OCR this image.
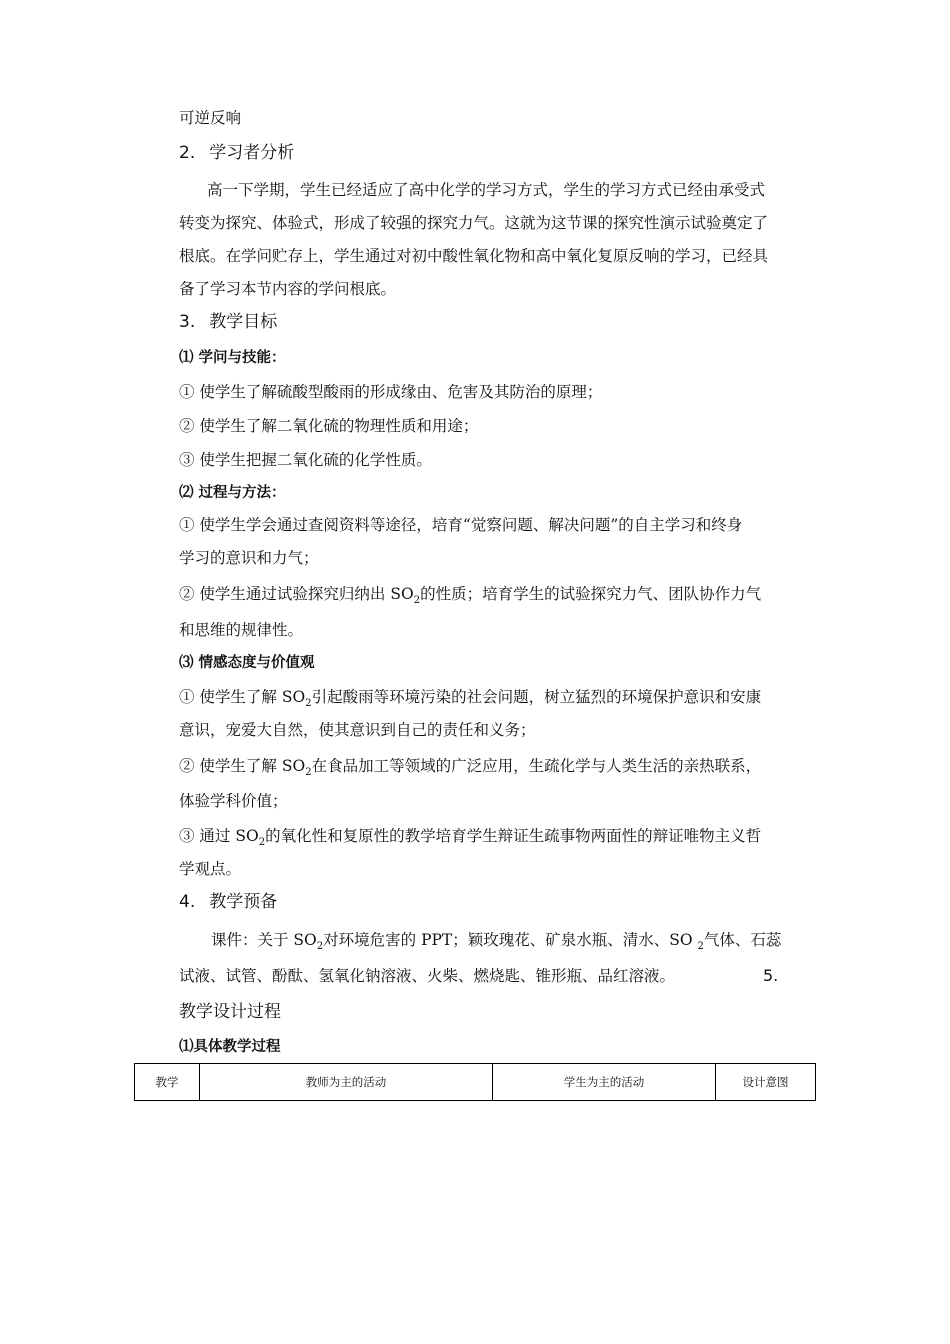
可逆反响
2. 学习者分析
高一下学期，学生已经适应了高中化学的学习方式，学生的学习方式已经由承受式
转变为探究、体验式，形成了较强的探究力气。这就为这节课的探究性演示试验奠定了
根底。在学问贮存上，学生通过对初中酸性氧化物和高中氧化复原反响的学习，已经具
备了学习本节内容的学问根底。
3. 教学目标
⑴ 学问与技能：
① 使学生了解硫酸型酸雨的形成缘由、危害及其防治的原理；
② 使学生了解二氧化硫的物理性质和用途；
③ 使学生把握二氧化硫的化学性质。
⑵ 过程与方法：
① 使学生学会通过查阅资料等途径，培育“觉察问题、解决问题”的自主学习和终身
学习的意识和力气；
② 使学生通过试验探究归纳出 $SO_2$的性质；培育学生的试验探究力气、团队协作力气
和思维的规律性。
⑶ 情感态度与价值观
① 使学生了解 $SO_2$引起酸雨等环境污染的社会问题，树立猛烈的环境保护意识和安康
意识，宠爱大自然，使其意识到自己的责任和义务；
② 使学生了解 $SO_2$在食品加工等领域的广泛应用，生疏化学与人类生活的亲热联系，
体验学科价值；
③ 通过 $SO_2$的氧化性和复原性的教学培育学生辩证生疏事物两面性的辩证唯物主义哲
学观点。
4. 教学预备
课件：关于 $SO_2$对环境危害的 PPT；颖玫瑰花、矿泉水瓶、清水、SO $_2$气体、石蕊
试液、试管、酚酞、氢氧化钠溶液、火柴、燃烧匙、锥形瓶、品红溶液。	5.
教学设计过程
⑴具体教学过程
教学	教师为主的活动	学生为主的活动	设计意图
